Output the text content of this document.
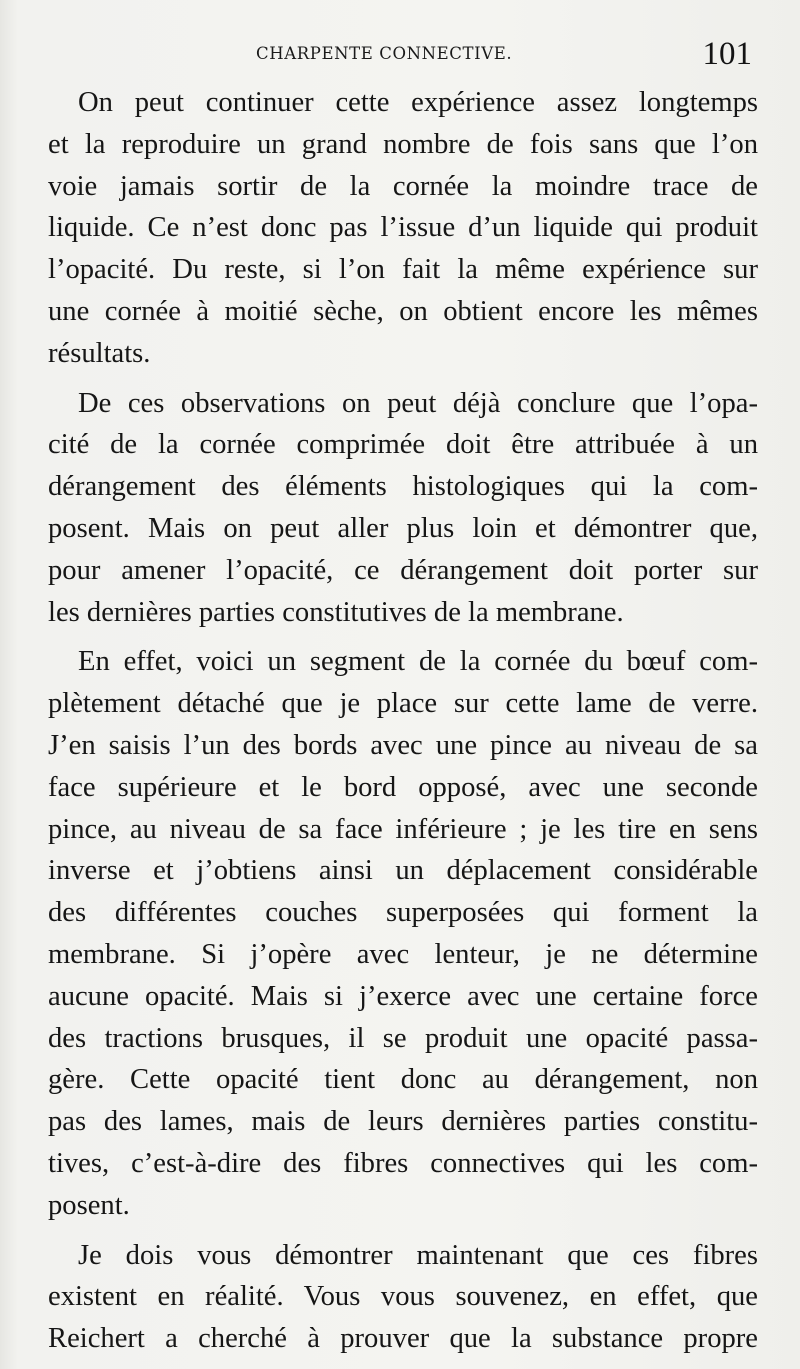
CHARPENTE CONNECTIVE.	101
On peut continuer cette expérience assez longtemps
et la reproduire un grand nombre de fois sans que l’on
voie jamais sortir de la cornée la moindre trace de
liquide. Ce n’est donc pas l’issue d’un liquide qui produit
l’opacité. Du reste, si l’on fait la même expérience sur
une cornée à moitié sèche, on obtient encore les mêmes
résultats.
De ces observations on peut déjà conclure que l’opa-
cité de la cornée comprimée doit être attribuée à un
dérangement des éléments histologiques qui la com-
posent. Mais on peut aller plus loin et démontrer que,
pour amener l’opacité, ce dérangement doit porter sur
les dernières parties constitutives de la membrane.
En effet, voici un segment de la cornée du bœuf com-
plètement détaché que je place sur cette lame de verre.
J’en saisis l’un des bords avec une pince au niveau de sa
face supérieure et le bord opposé, avec une seconde
pince, au niveau de sa face inférieure ; je les tire en sens
inverse et j’obtiens ainsi un déplacement considérable
des différentes couches superposées qui forment la
membrane. Si j’opère avec lenteur, je ne détermine
aucune opacité. Mais si j’exerce avec une certaine force
des tractions brusques, il se produit une opacité passa-
gère. Cette opacité tient donc au dérangement, non
pas des lames, mais de leurs dernières parties constitu-
tives, c’est-à-dire des fibres connectives qui les com-
posent.
Je dois vous démontrer maintenant que ces fibres
existent en réalité. Vous vous souvenez, en effet, que
Reichert a cherché à prouver que la substance propre
